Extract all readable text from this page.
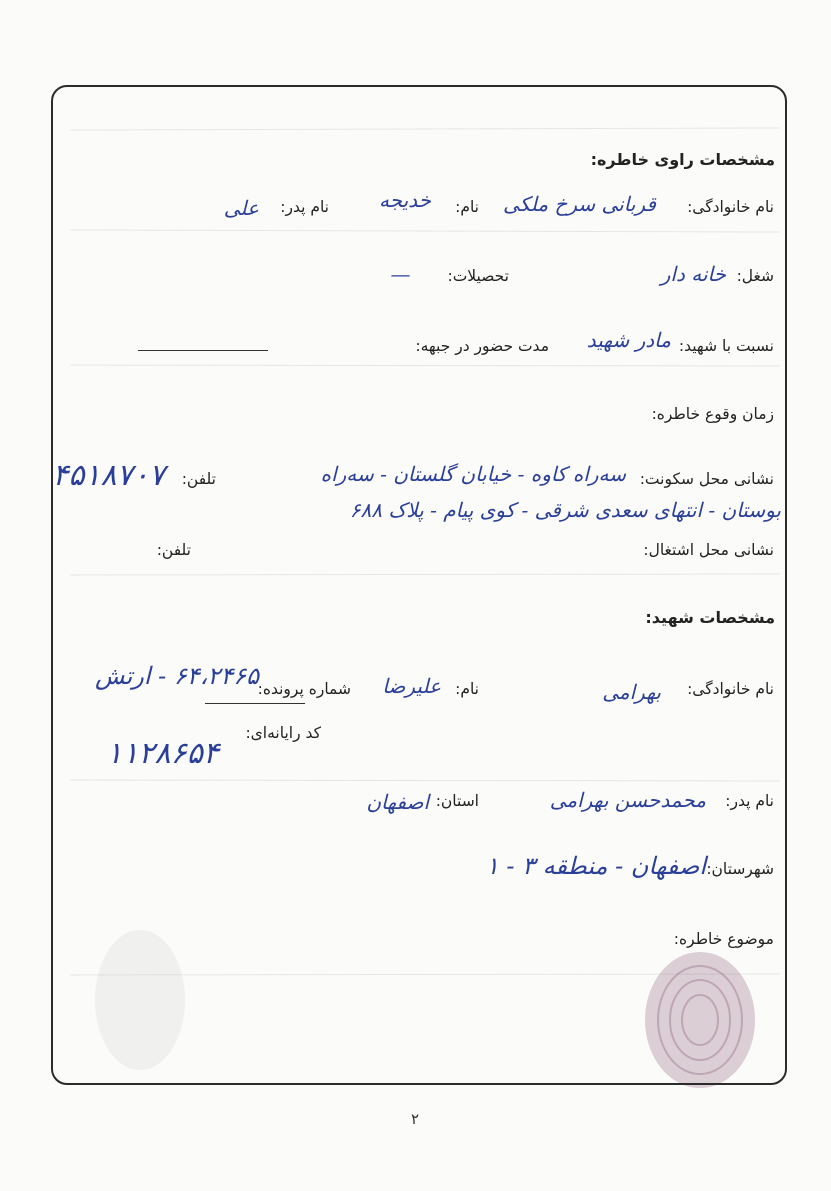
مشخصات راوی خاطره:
نام خانوادگی:
قربانی سرخ ملکی
نام:
خدیجه
نام پدر:
علی
شغل:
خانه دار
تحصیلات:
—
نسبت با شهید:
مادر شهید
مدت حضور در جبهه:
زمان وقوع خاطره:
نشانی محل سکونت:
سه‌راه کاوه - خیابان گلستان - سه‌راه
تلفن:
۴۵۱۸۷۰۷
بوستان - انتهای سعدی شرقی - کوی پیام - پلاک ۶۸۸
نشانی محل اشتغال:
تلفن:
مشخصات شهید:
نام خانوادگی:
بهرامی
نام:
علیرضا
شماره پرونده:
۶۴،۲۴۶۵ - ارتش
کد رایانه‌ای:
۱۱۲۸۶۵۴
نام پدر:
محمدحسن بهرامی
استان:
اصفهان
شهرستان:
اصفهان - منطقه ۳ - ۱
موضوع خاطره:
۲
